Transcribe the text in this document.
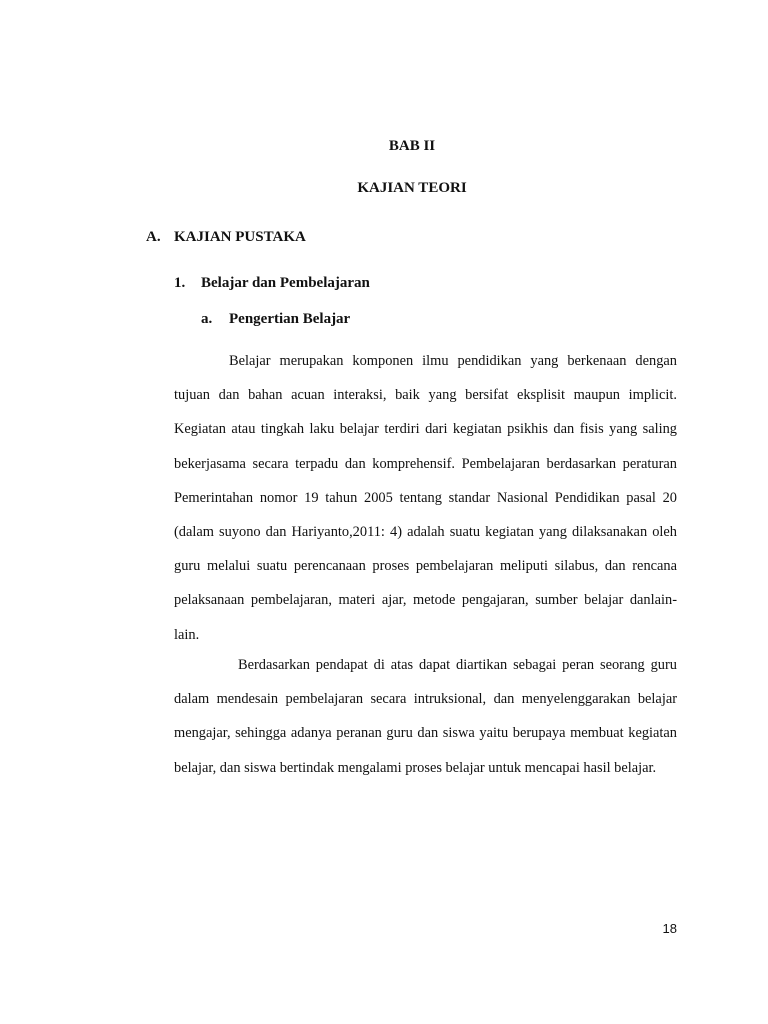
BAB II
KAJIAN TEORI
A. KAJIAN PUSTAKA
1.	Belajar dan Pembelajaran
a.	Pengertian Belajar

Belajar merupakan komponen ilmu pendidikan yang berkenaan dengan tujuan dan bahan acuan interaksi, baik yang bersifat eksplisit maupun implicit. Kegiatan atau tingkah laku belajar terdiri dari kegiatan psikhis dan fisis yang saling bekerjasama secara terpadu dan komprehensif. Pembelajaran berdasarkan peraturan Pemerintahan nomor 19 tahun 2005 tentang standar Nasional Pendidikan pasal 20 (dalam suyono dan Hariyanto,2011: 4) adalah suatu kegiatan yang dilaksanakan oleh guru melalui suatu perencanaan proses pembelajaran meliputi silabus, dan rencana pelaksanaan pembelajaran, materi ajar, metode pengajaran, sumber belajar danlain-lain.

Berdasarkan pendapat di atas dapat diartikan sebagai peran seorang guru dalam mendesain pembelajaran secara intruksional, dan menyelenggarakan belajar mengajar, sehingga adanya peranan guru dan siswa yaitu berupaya membuat kegiatan belajar, dan siswa bertindak mengalami proses belajar untuk mencapai hasil belajar.

18
